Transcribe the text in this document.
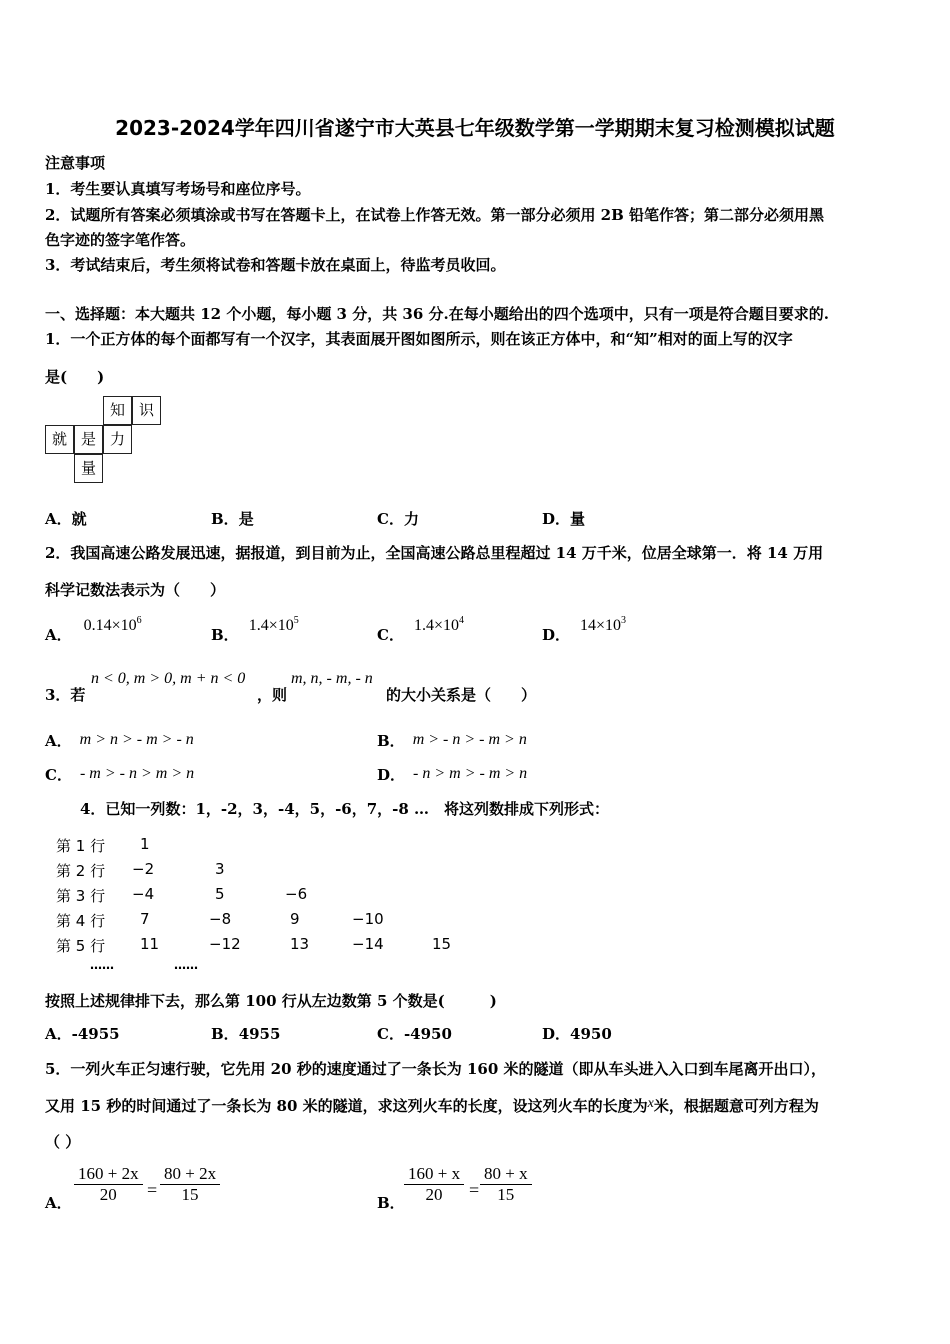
2023-2024学年四川省遂宁市大英县七年级数学第一学期期末复习检测模拟试题
注意事项
1．考生要认真填写考场号和座位序号。
2．试题所有答案必须填涂或书写在答题卡上，在试卷上作答无效。第一部分必须用 2B 铅笔作答；第二部分必须用黑
色字迹的签字笔作答。
3．考试结束后，考生须将试卷和答题卡放在桌面上，待监考员收回。
一、选择题：本大题共 12 个小题，每小题 3 分，共 36 分.在每小题给出的四个选项中，只有一项是符合题目要求的.
1．一个正方体的每个面都写有一个汉字，其表面展开图如图所示，则在该正方体中，和“知”相对的面上写的汉字
是(　　)
知 识
就 是 力
量
A．就	B．是	C．力	D．量
2．我国高速公路发展迅速，据报道，到目前为止，全国高速公路总里程超过 14 万千米，位居全球第一．将 14 万用
科学记数法表示为（　　）
A．$0.14\times 10^6$
B．$1.4\times 10^5$
C．$1.4\times 10^4$
D．$14\times 10^3$
3．若
n < 0, m > 0, m + n < 0
，则
m, n, - m, - n
的大小关系是（　　）
A． m > n > - m > - n	B． m > - n > - m > n
C． - m > - n > m > n	D． - n > m > - m > n
4．已知一列数：1，-2，3，-4，5，-6，7，-8 …　将这列数排成下列形式：
第 1 行 1
第 2 行 −2	3
第 3 行 −4	5	−6
第 4 行 7	−8	9	−10
第 5 行 11	−12	13	−14	15
……	……
按照上述规律排下去，那么第 100 行从左边数第 5 个数是(　　　)
A．-4955	B．4955	C．-4950	D．4950
5．一列火车正匀速行驶，它先用 20 秒的速度通过了一条长为 160 米的隧道（即从车头进入入口到车尾离开出口），
又用 15 秒的时间通过了一条长为 80 米的隧道，求这列火车的长度，设这列火车的长度为x米，根据题意可列方程为
（ ）
A． $\frac{160 + 2x}{20} = \frac{80 + 2x}{15}$	B． $\frac{160 + x}{20} = \frac{80 + x}{15}$
